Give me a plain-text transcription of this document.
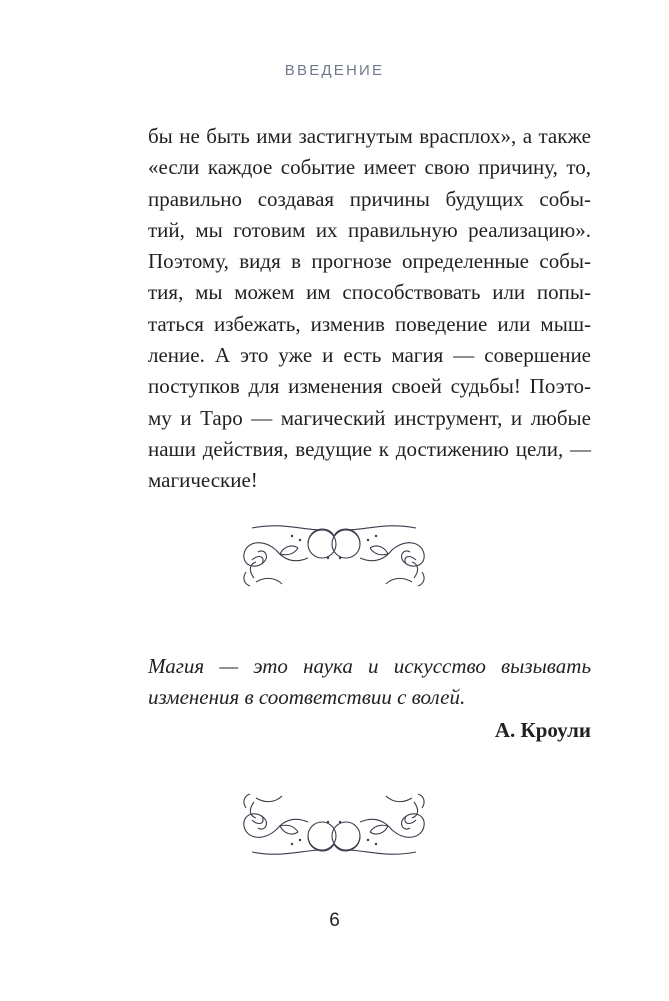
ВВЕДЕНИЕ
бы не быть ими застигнутым врасплох», а также
«если каждое событие имеет свою причину, то,
правильно создавая причины будущих собы-
тий, мы готовим их правильную реализацию».
Поэтому, видя в прогнозе определенные собы-
тия, мы можем им способствовать или попы-
таться избежать, изменив поведение или мыш-
ление. А это уже и есть магия — совершение
поступков для изменения своей судьбы! Поэто-
му и Таро — магический инструмент, и любые
наши действия, ведущие к достижению цели, —
магические!
Магия — это наука и искусство вызывать
изменения в соответствии с волей.
А. Кроули
6
